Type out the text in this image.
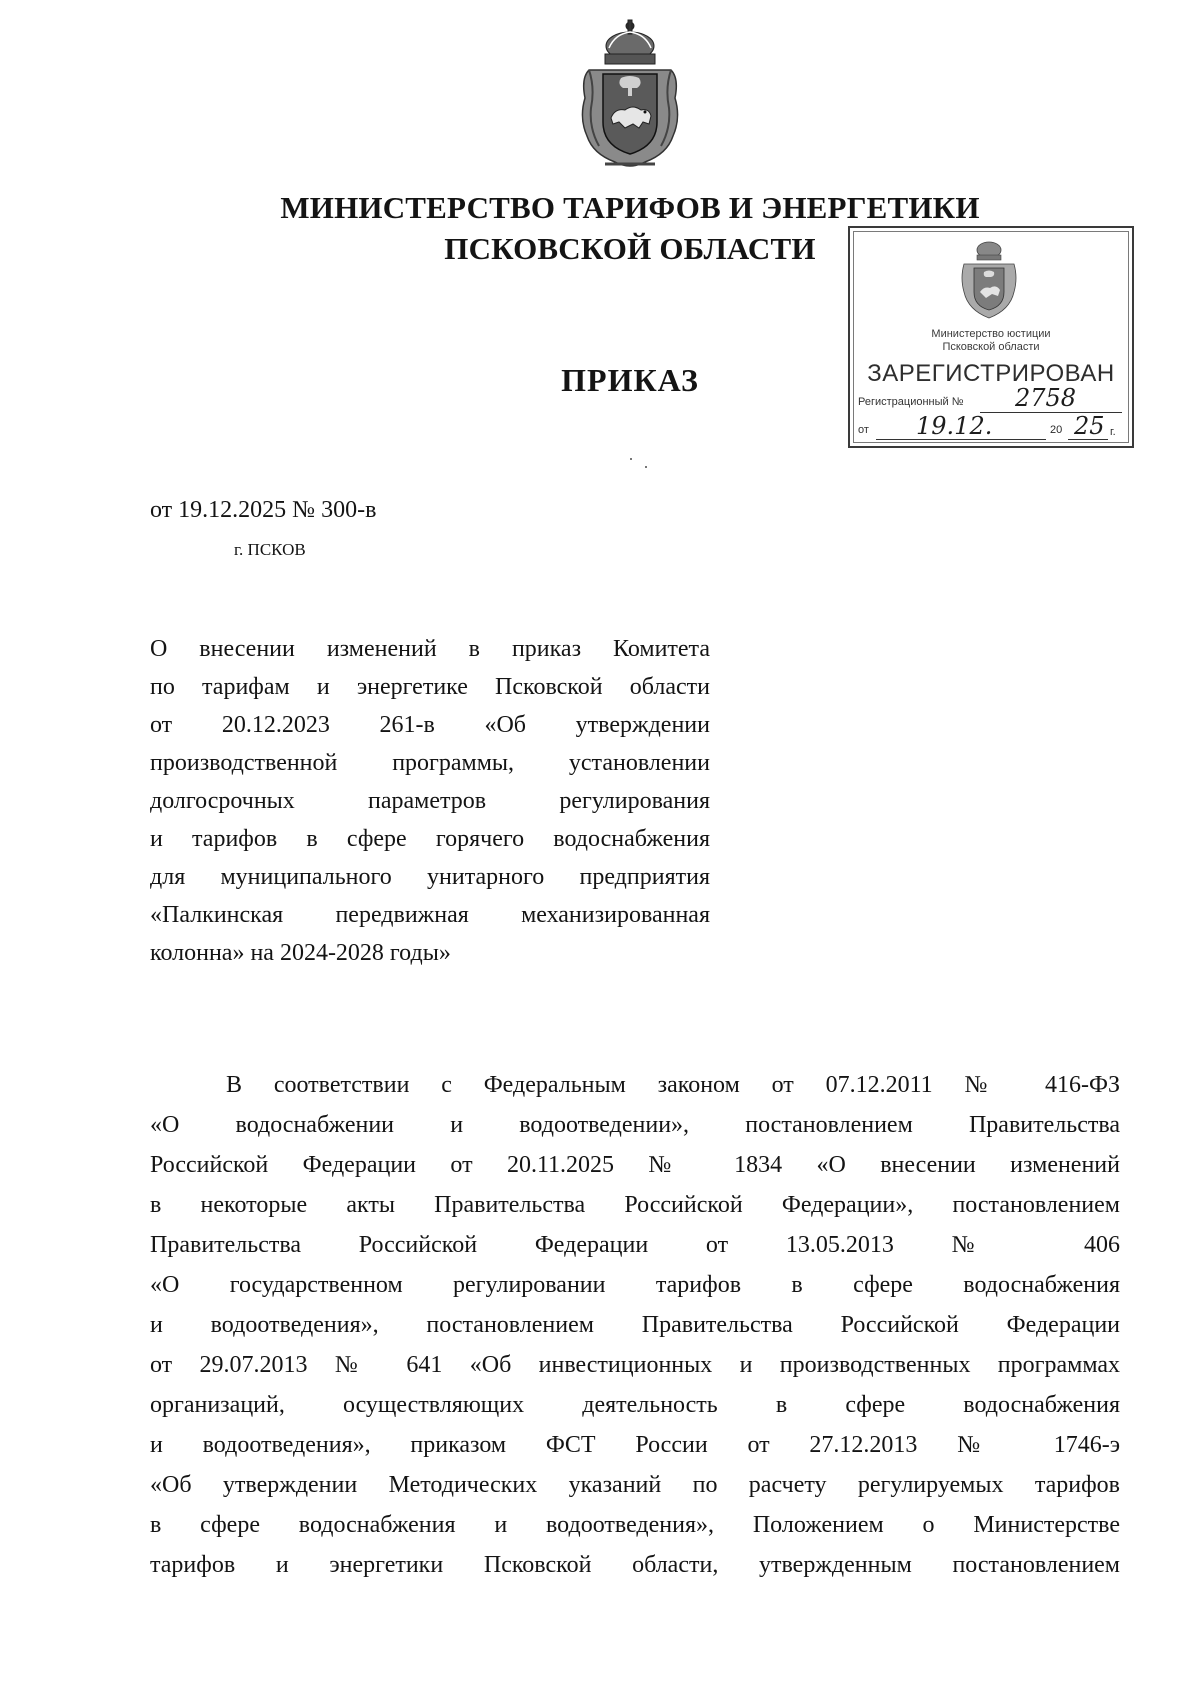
МИНИСТЕРСТВО ТАРИФОВ И ЭНЕРГЕТИКИ
ПСКОВСКОЙ ОБЛАСТИ
ПРИКАЗ
Министерство юстиции
Псковской области
ЗАРЕГИСТРИРОВАН
Регистрационный № 2758
от 19.12.	20 25 г.
от 19.12.2025 № 300-в
г. ПСКОВ
О внесении изменений в приказ Комитета
по тарифам и энергетике Псковской области
от 20.12.2023 261-в «Об утверждении
производственной программы, установлении
долгосрочных параметров регулирования
и тарифов в сфере горячего водоснабжения
для муниципального унитарного предприятия
«Палкинская передвижная механизированная
колонна» на 2024-2028 годы»
В соответствии с Федеральным законом от 07.12.2011 № 416-ФЗ
«О водоснабжении и водоотведении», постановлением Правительства
Российской Федерации от 20.11.2025 № 1834 «О внесении изменений
в некоторые акты Правительства Российской Федерации», постановлением
Правительства Российской Федерации от 13.05.2013 № 406
«О государственном регулировании тарифов в сфере водоснабжения
и водоотведения», постановлением Правительства Российской Федерации
от 29.07.2013 № 641 «Об инвестиционных и производственных программах
организаций, осуществляющих деятельность в сфере водоснабжения
и водоотведения», приказом ФСТ России от 27.12.2013 № 1746-э
«Об утверждении Методических указаний по расчету регулируемых тарифов
в сфере водоснабжения и водоотведения», Положением о Министерстве
тарифов и энергетики Псковской области, утвержденным постановлением
